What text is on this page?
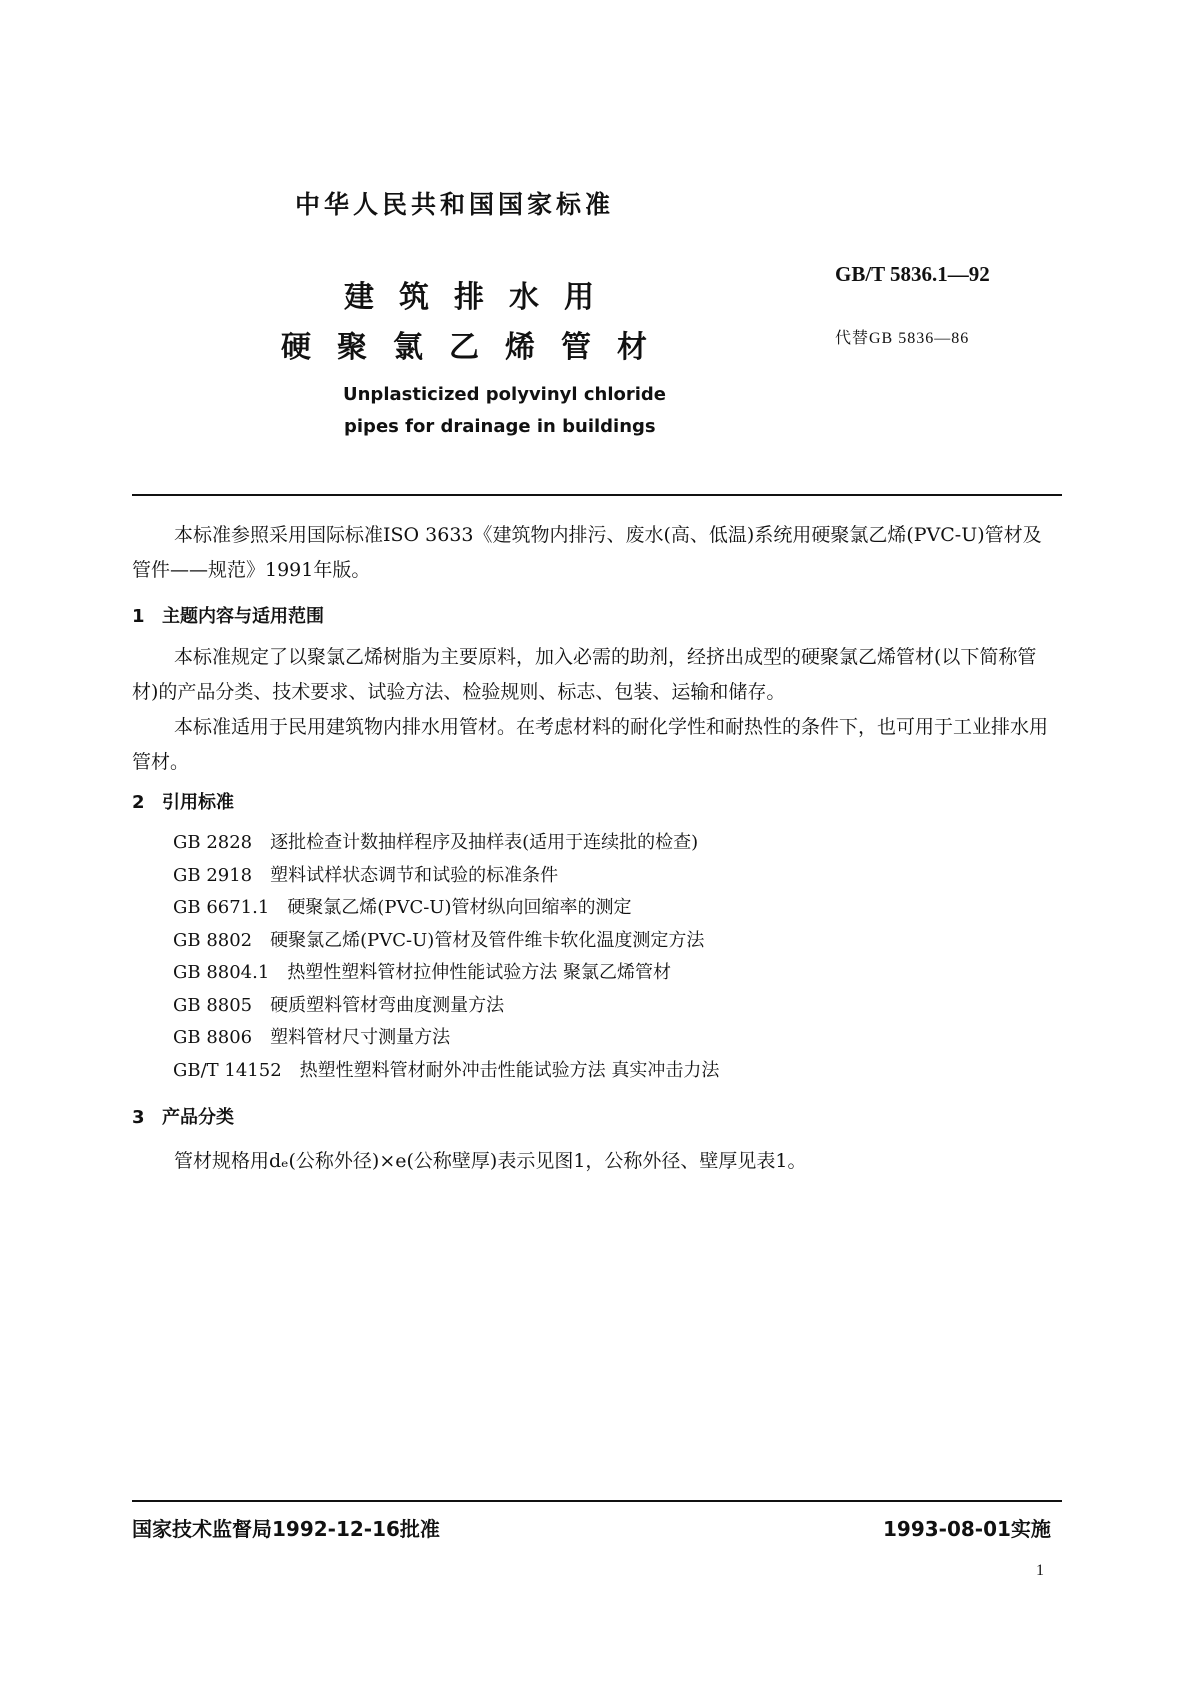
中华人民共和国国家标准
建筑排水用
硬聚氯乙烯管材
GB/T 5836.1—92
代替GB 5836—86
Unplasticized polyvinyl chloride
pipes for drainage in buildings
本标准参照采用国际标准ISO 3633《建筑物内排污、废水(高、低温)系统用硬聚氯乙烯(PVC-U)管材及管件——规范》1991年版。
1 主题内容与适用范围

本标准规定了以聚氯乙烯树脂为主要原料，加入必需的助剂，经挤出成型的硬聚氯乙烯管材(以下简称管材)的产品分类、技术要求、试验方法、检验规则、标志、包装、运输和储存。

本标准适用于民用建筑物内排水用管材。在考虑材料的耐化学性和耐热性的条件下，也可用于工业排水用管材。

2 引用标准
GB 2828 逐批检查计数抽样程序及抽样表(适用于连续批的检查)
GB 2918 塑料试样状态调节和试验的标准条件
GB 6671.1 硬聚氯乙烯(PVC-U)管材纵向回缩率的测定
GB 8802 硬聚氯乙烯(PVC-U)管材及管件维卡软化温度测定方法
GB 8804.1 热塑性塑料管材拉伸性能试验方法 聚氯乙烯管材
GB 8805 硬质塑料管材弯曲度测量方法
GB 8806 塑料管材尺寸测量方法
GB/T 14152 热塑性塑料管材耐外冲击性能试验方法 真实冲击力法
3 产品分类
管材规格用dₑ(公称外径)×e(公称壁厚)表示见图1，公称外径、壁厚见表1。
国家技术监督局1992-12-16批准	1993-08-01实施
1
